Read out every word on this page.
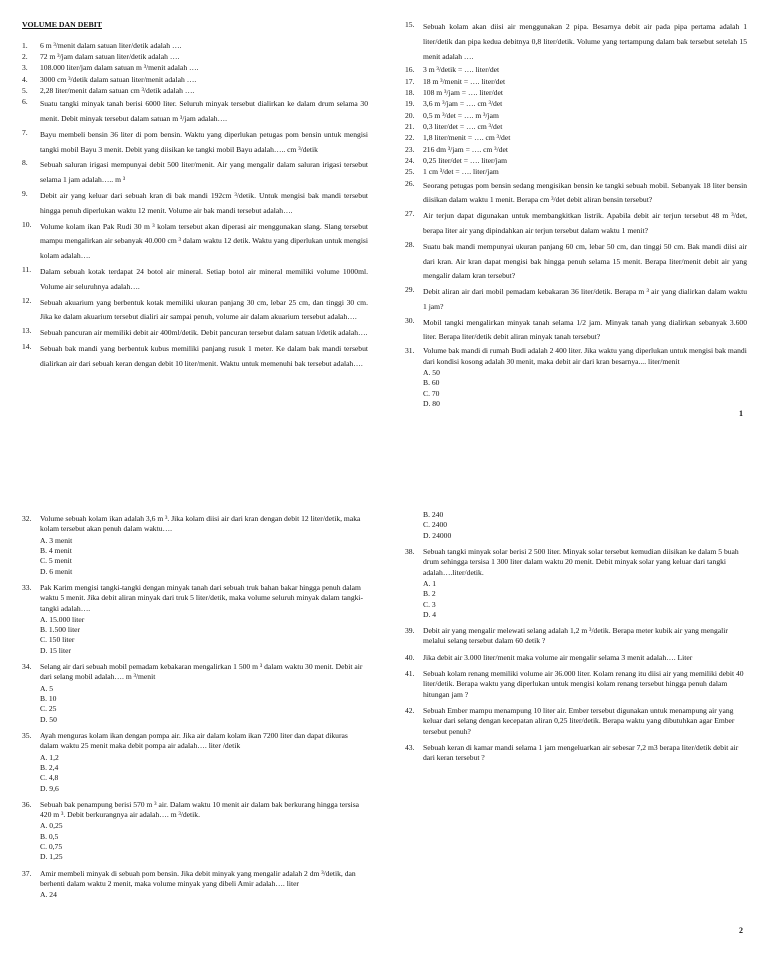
VOLUME DAN DEBIT
1.	6 m ³/menit dalam satuan liter/detik adalah ….
2.	72 m ³/jam dalam satuan liter/detik adalah ….
3.	108.000 liter/jam dalam satuan m ³/menit adalah ….
4.	3000 cm ³/detik dalam satuan liter/menit adalah ….
5.	2,28 liter/menit dalam satuan cm ³/detik adalah ….
6.	Suatu tangki minyak tanah berisi 6000 liter. Seluruh minyak tersebut dialirkan ke dalam drum selama 30 menit. Debit minyak tersebut dalam satuan m ³/jam adalah….
7.	Bayu membeli bensin 36 liter di pom bensin. Waktu yang diperlukan petugas pom bensin untuk mengisi tangki mobil Bayu 3 menit. Debit yang diisikan ke tangki mobil Bayu adalah….. cm ³/detik
8.	Sebuah saluran irigasi mempunyai debit 500 liter/menit. Air yang mengalir dalam saluran irigasi tersebut selama 1 jam adalah….. m ³
9.	Debit air yang keluar dari sebuah kran di bak mandi 192cm ³/detik. Untuk mengisi bak mandi tersebut hingga penuh diperlukan waktu 12 menit. Volume air bak mandi tersebut adalah….
10.	Volume kolam ikan Pak Rudi 30 m ³ kolam tersebut akan diperasi air menggunakan slang. Slang tersebut mampu mengalirkan air sebanyak 40.000 cm ³ dalam waktu 12 detik. Waktu yang diperlukan untuk mengisi kolam adalah….
11.	Dalam sebuah kotak terdapat 24 botol air mineral. Setiap botol air mineral memiliki volume 1000ml. Volume air seluruhnya adalah….
12.	Sebuah akuarium yang berbentuk kotak memiliki ukuran panjang 30 cm, lebar 25 cm, dan tinggi 30 cm. Jika ke dalam akuarium tersebut dialiri air sampai penuh, volume air dalam akuarium tersebut adalah….
13.	Sebuah pancuran air memiliki debit air 400ml/detik. Debit pancuran tersebut dalam satuan l/detik adalah….
14.	Sebuah bak mandi yang berbentuk kubus memiliki panjang rusuk 1 meter. Ke dalam bak mandi tersebut dialirkan air dari sebuah keran dengan debit 10 liter/menit. Waktu untuk memenuhi bak tersebut adalah….
15.	Sebuah kolam akan diisi air menggunakan 2 pipa. Besarnya debit air pada pipa pertama adalah 1 liter/detik dan pipa kedua debitnya 0,8 liter/detik. Volume yang tertampung dalam bak tersebut setelah 15 menit adalah ….
16.	3 m ³/detik = …. liter/det
17.	18 m ³/menit = …. liter/det
18.	108 m ³/jam = …. liter/det
19.	3,6 m ³/jam = …. cm ³/det
20.	0,5 m ³/det = …. m ³/jam
21.	0,3 liter/det = …. cm ³/det
22.	1,8 liter/menit = …. cm ³/det
23.	216 dm ³/jam = …. cm ³/det
24.	0,25 liter/det = …. liter/jam
25.	1 cm ³/det = …. liter/jam
26.	Seorang petugas pom bensin sedang mengisikan bensin ke tangki sebuah mobil. Sebanyak 18 liter bensin diisikan dalam waktu 1 menit. Berapa cm ³/det debit aliran bensin tersebut?
27.	Air terjun dapat digunakan untuk membangkitkan listrik. Apabila debit air terjun tersebut 48 m ³/det, berapa liter air yang dipindahkan air terjun tersebut dalam waktu 1 menit?
28.	Suatu bak mandi mempunyai ukuran panjang 60 cm, lebar 50 cm, dan tinggi 50 cm. Bak mandi diisi air dari kran. Air kran dapat mengisi bak hingga penuh selama 15 menit. Berapa liter/menit debit air yang mengalir dalam kran tersebut?
29.	Debit aliran air dari mobil pemadam kebakaran 36 liter/detik. Berapa m ³ air yang dialirkan dalam waktu 1 jam?
30.	Mobil tangki mengalirkan minyak tanah selama 1/2 jam. Minyak tanah yang dialirkan sebanyak 3.600 liter. Berapa liter/detik debit aliran minyak tanah tersebut?
31.	Volume bak mandi di rumah Budi adalah 2 400 liter. Jika waktu yang diperlukan untuk mengisi bak mandi dari kondisi kosong adalah 30 menit, maka debit air dari kran besarnya.... liter/menit
A. 50
B. 60
C. 70
D. 80
1
32.	Volume sebuah kolam ikan adalah 3,6 m ³. Jika kolam diisi air dari kran dengan debit 12 liter/detik, maka kolam tersebut akan penuh dalam waktu….
A. 3 menit
B. 4 menit
C. 5 menit
D. 6 menit
33.	Pak Karim mengisi tangki-tangki dengan minyak tanah dari sebuah truk bahan bakar hingga penuh dalam waktu 5 menit. Jika debit aliran minyak dari truk 5 liter/detik, maka volume seluruh minyak dalam tangki-tangki adalah….
A. 15.000 liter
B. 1.500 liter
C. 150 liter
D. 15 liter
34.	Selang air dari sebuah mobil pemadam kebakaran mengalirkan 1 500 m ³ dalam waktu 30 menit. Debit air dari selang mobil adalah…. m ³/menit
A. 5
B. 10
C. 25
D. 50
35.	Ayah menguras kolam ikan dengan pompa air. Jika air dalam kolam ikan 7200 liter dan dapat dikuras dalam waktu 25 menit maka debit pompa air adalah…. liter /detik
A. 1,2
B. 2,4
C. 4,8
D. 9,6
36.	Sebuah bak penampung berisi 570 m ³ air. Dalam waktu 10 menit air dalam bak berkurang hingga tersisa 420 m ³. Debit berkurangnya air adalah…. m ³/detik.
A. 0,25
B. 0,5
C. 0,75
D. 1,25
37.	Amir membeli minyak di sebuah pom bensin. Jika debit minyak yang mengalir adalah 2 dm ³/detik, dan berhenti dalam waktu 2 menit, maka volume minyak yang dibeli Amir adalah…. liter
A. 24
B. 240
C. 2400
D. 24000
38.	Sebuah tangki minyak solar berisi 2 500 liter. Minyak solar tersebut kemudian diisikan ke dalam 5 buah drum sehingga tersisa 1 300 liter dalam waktu 20 menit. Debit minyak solar yang keluar dari tangki adalah….liter/detik.
A. 1
B. 2
C. 3
D. 4
39.	Debit air yang mengalir melewati selang adalah 1,2 m ³/detik. Berapa meter kubik air yang mengalir melalui selang tersebut dalam 60 detik ?
40.	Jika debit air 3.000 liter/menit maka volume air mengalir selama 3 menit adalah…. Liter
41.	Sebuah kolam renang memiliki volume air 36.000 liter. Kolam renang itu diisi air yang memiliki debit 40 liter/detik. Berapa waktu yang diperlukan untuk mengisi kolam renang tersebut hingga penuh dalam hitungan jam ?
42.	Sebuah Ember mampu menampung 10 liter air. Ember tersebut digunakan untuk menampung air yang keluar dari selang dengan kecepatan aliran 0,25 liter/detik. Berapa waktu yang dibutuhkan agar Ember tersebut penuh?
43.	Sebuah keran di kamar mandi selama 1 jam mengeluarkan air sebesar 7,2 m3 berapa liter/detik debit air dari keran tersebut ?
2
